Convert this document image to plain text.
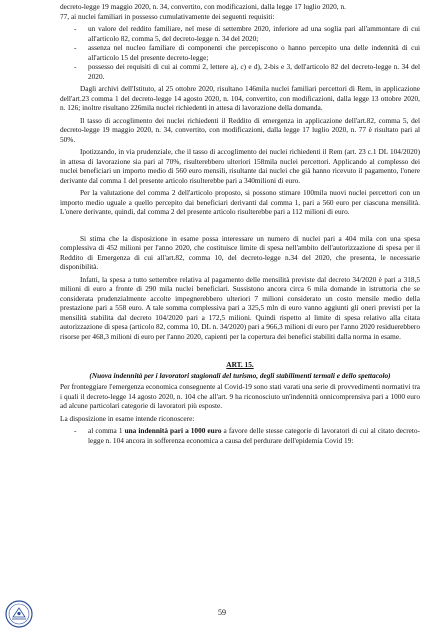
decreto-legge 19 maggio 2020, n. 34, convertito, con modificazioni, dalla legge 17 luglio 2020, n.

77, ai nuclei familiari in possesso cumulativamente dei seguenti requisiti:

- un valore del reddito familiare, nel mese di settembre 2020, inferiore ad una soglia pari all'ammontare di cui all'articolo 82, comma 5, del decreto-legge n. 34 del 2020;
- assenza nel nucleo familiare di componenti che percepiscono o hanno percepito una delle indennità di cui all'articolo 15 del presente decreto-legge;
- possesso dei requisiti di cui ai commi 2, lettere a), c) e d), 2-bis e 3, dell'articolo 82 del decreto-legge n. 34 del 2020.

Dagli archivi dell'Istituto, al 25 ottobre 2020, risultano 146mila nuclei familiari percettori di Rem, in applicazione dell'art.23 comma 1 del decreto-legge 14 agosto 2020, n. 104, convertito, con modificazioni, dalla legge 13 ottobre 2020, n. 126; inoltre risultano 226mila nuclei richiedenti in attesa di lavorazione della domanda.

Il tasso di accoglimento dei nuclei richiedenti il Reddito di emergenza in applicazione dell'art.82, comma 5, del decreto-legge 19 maggio 2020, n. 34, convertito, con modificazioni, dalla legge 17 luglio 2020, n. 77 è risultato pari al 50%.

Ipotizzando, in via prudenziale, che il tasso di accoglimento dei nuclei richiedenti il Rem (art. 23 c.1 DL 104/2020) in attesa di lavorazione sia pari al 70%, risulterebbero ulteriori 158mila nuclei percettori. Applicando al complesso dei nuclei beneficiari un importo medio di 560 euro mensili, risultante dai nuclei che già hanno ricevuto il pagamento, l'onere derivante dal comma 1 del presente articolo risulterebbe pari a 340milioni di euro.

Per la valutazione del comma 2 dell'articolo proposto, si possono stimare 100mila nuovi nuclei percettori con un importo medio uguale a quello percepito dai beneficiari derivanti dal comma 1, pari a 560 euro per ciascuna mensilità. L'onere derivante, quindi, dal comma 2 del presente articolo risulterebbe pari a 112 milioni di euro.

Si stima che la disposizione in esame possa interessare un numero di nuclei pari a 404 mila con una spesa complessiva di 452 milioni per l'anno 2020, che costituisce limite di spesa nell'ambito dell'autorizzazione di spesa per il Reddito di Emergenza di cui all'art.82, comma 10, del decreto-legge n.34 del 2020, che presenta, le necessarie disponibilità.

Infatti, la spesa a tutto settembre relativa al pagamento delle mensilità previste dal decreto 34/2020 è pari a 318,5 milioni di euro a fronte di 290 mila nuclei beneficiari. Sussistono ancora circa 6 mila domande in istruttoria che se considerata prudenzialmente accolte impegnerebbero ulteriori 7 milioni considerato un costo mensile medio della prestazione pari a 558 euro. A tale somma complessiva pari a 325,5 mln di euro vanno aggiunti gli oneri previsti per la mensilità stabilita dal decreto 104/2020 pari a 172,5 milioni. Quindi rispetto al limite di spesa relativo alla citata autorizzazione di spesa (articolo 82, comma 10, DL n. 34/2020) pari a 966,3 milioni di euro per l'anno 2020 residuerebbero risorse per 468,3 milioni di euro per l'anno 2020, capienti per la copertura dei benefici stabiliti dalla norma in esame.

ART. 15.
(Nuova indennità per i lavoratori stagionali del turismo, degli stabilimenti termali e dello spettacolo)

Per fronteggiare l'emergenza economica conseguente al Covid-19 sono stati varati una serie di provvedimenti normativi tra i quali il decreto-legge 14 agosto 2020, n. 104 che all'art. 9 ha riconosciuto un'indennità onnicomprensiva pari a 1000 euro ad alcune particolari categorie di lavoratori più esposte.

La disposizione in esame intende riconoscere:

- al comma 1 una indennità pari a 1000 euro a favore delle stesse categorie di lavoratori di cui al citato decreto-legge n. 104 ancora in sofferenza economica a causa del perdurare dell'epidemia Covid 19:
59
